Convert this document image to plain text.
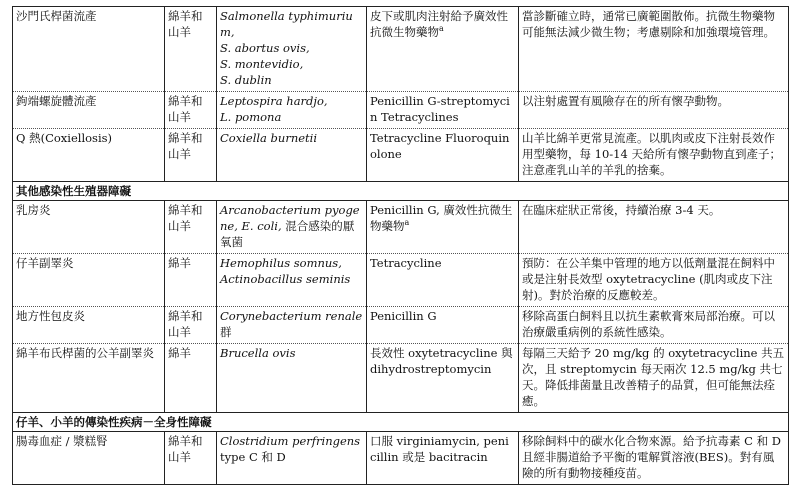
沙門氏桿菌流產	綿羊和山羊	Salmonella typhimurium,
S. abortus ovis,
S. montevidio,
S. dublin	皮下或肌肉注射給予廣效性抗微生物藥物$^a$	當診斷確立時，通常已廣範圍散佈。抗微生物藥物可能無法減少微生物；考慮剔除和加強環境管理。
鉤端螺旋體流產	綿羊和山羊	Leptospira hardjo,
L. pomona	Penicillin G-streptomycin Tetracyclines	以注射處置有風險存在的所有懷孕動物。
Q 熱(Coxiellosis)	綿羊和山羊	Coxiella burnetii	Tetracycline Fluoroquinolone	山羊比綿羊更常見流產。以肌肉或皮下注射長效作用型藥物，每 10-14 天給所有懷孕動物直到產子；注意產乳山羊的羊乳的捨棄。
其他感染性生殖器障礙				
乳房炎	綿羊和山羊	Arcanobacterium pyogene, E. coli, 混合感染的厭氧菌	Penicillin G, 廣效性抗微生物藥物$^a$	在臨床症狀正常後，持續治療 3-4 天。
仔羊副睪炎	綿羊	Hemophilus somnus,
Actinobacillus seminis	Tetracycline	預防：在公羊集中管理的地方以低劑量混在飼料中或是注射長效型 oxytetracycline (肌肉或皮下注射)。對於治療的反應較差。
地方性包皮炎	綿羊和山羊	Corynebacterium renale 群	Penicillin G	移除高蛋白飼料且以抗生素軟膏來局部治療。可以治療嚴重病例的系統性感染。
綿羊布氏桿菌的公羊副睪炎	綿羊	Brucella ovis	長效性 oxytetracycline 與 dihydrostreptomycin	每隔三天給予 20 mg/kg 的 oxytetracycline 共五次，且 streptomycin 每天兩次 12.5 mg/kg 共七天。降低排菌量且改善精子的品質，但可能無法痊癒。
仔羊、小羊的傳染性疾病－全身性障礙				
腸毒血症 / 漿糕腎	綿羊和山羊	Clostridium perfringens
type C 和 D	口服 virginiamycin, penicillin 或是 bacitracin	移除飼料中的碳水化合物來源。給予抗毒素 C 和 D 且經非腸道給予平衡的電解質溶液(BES)。對有風險的所有動物接種疫苗。
